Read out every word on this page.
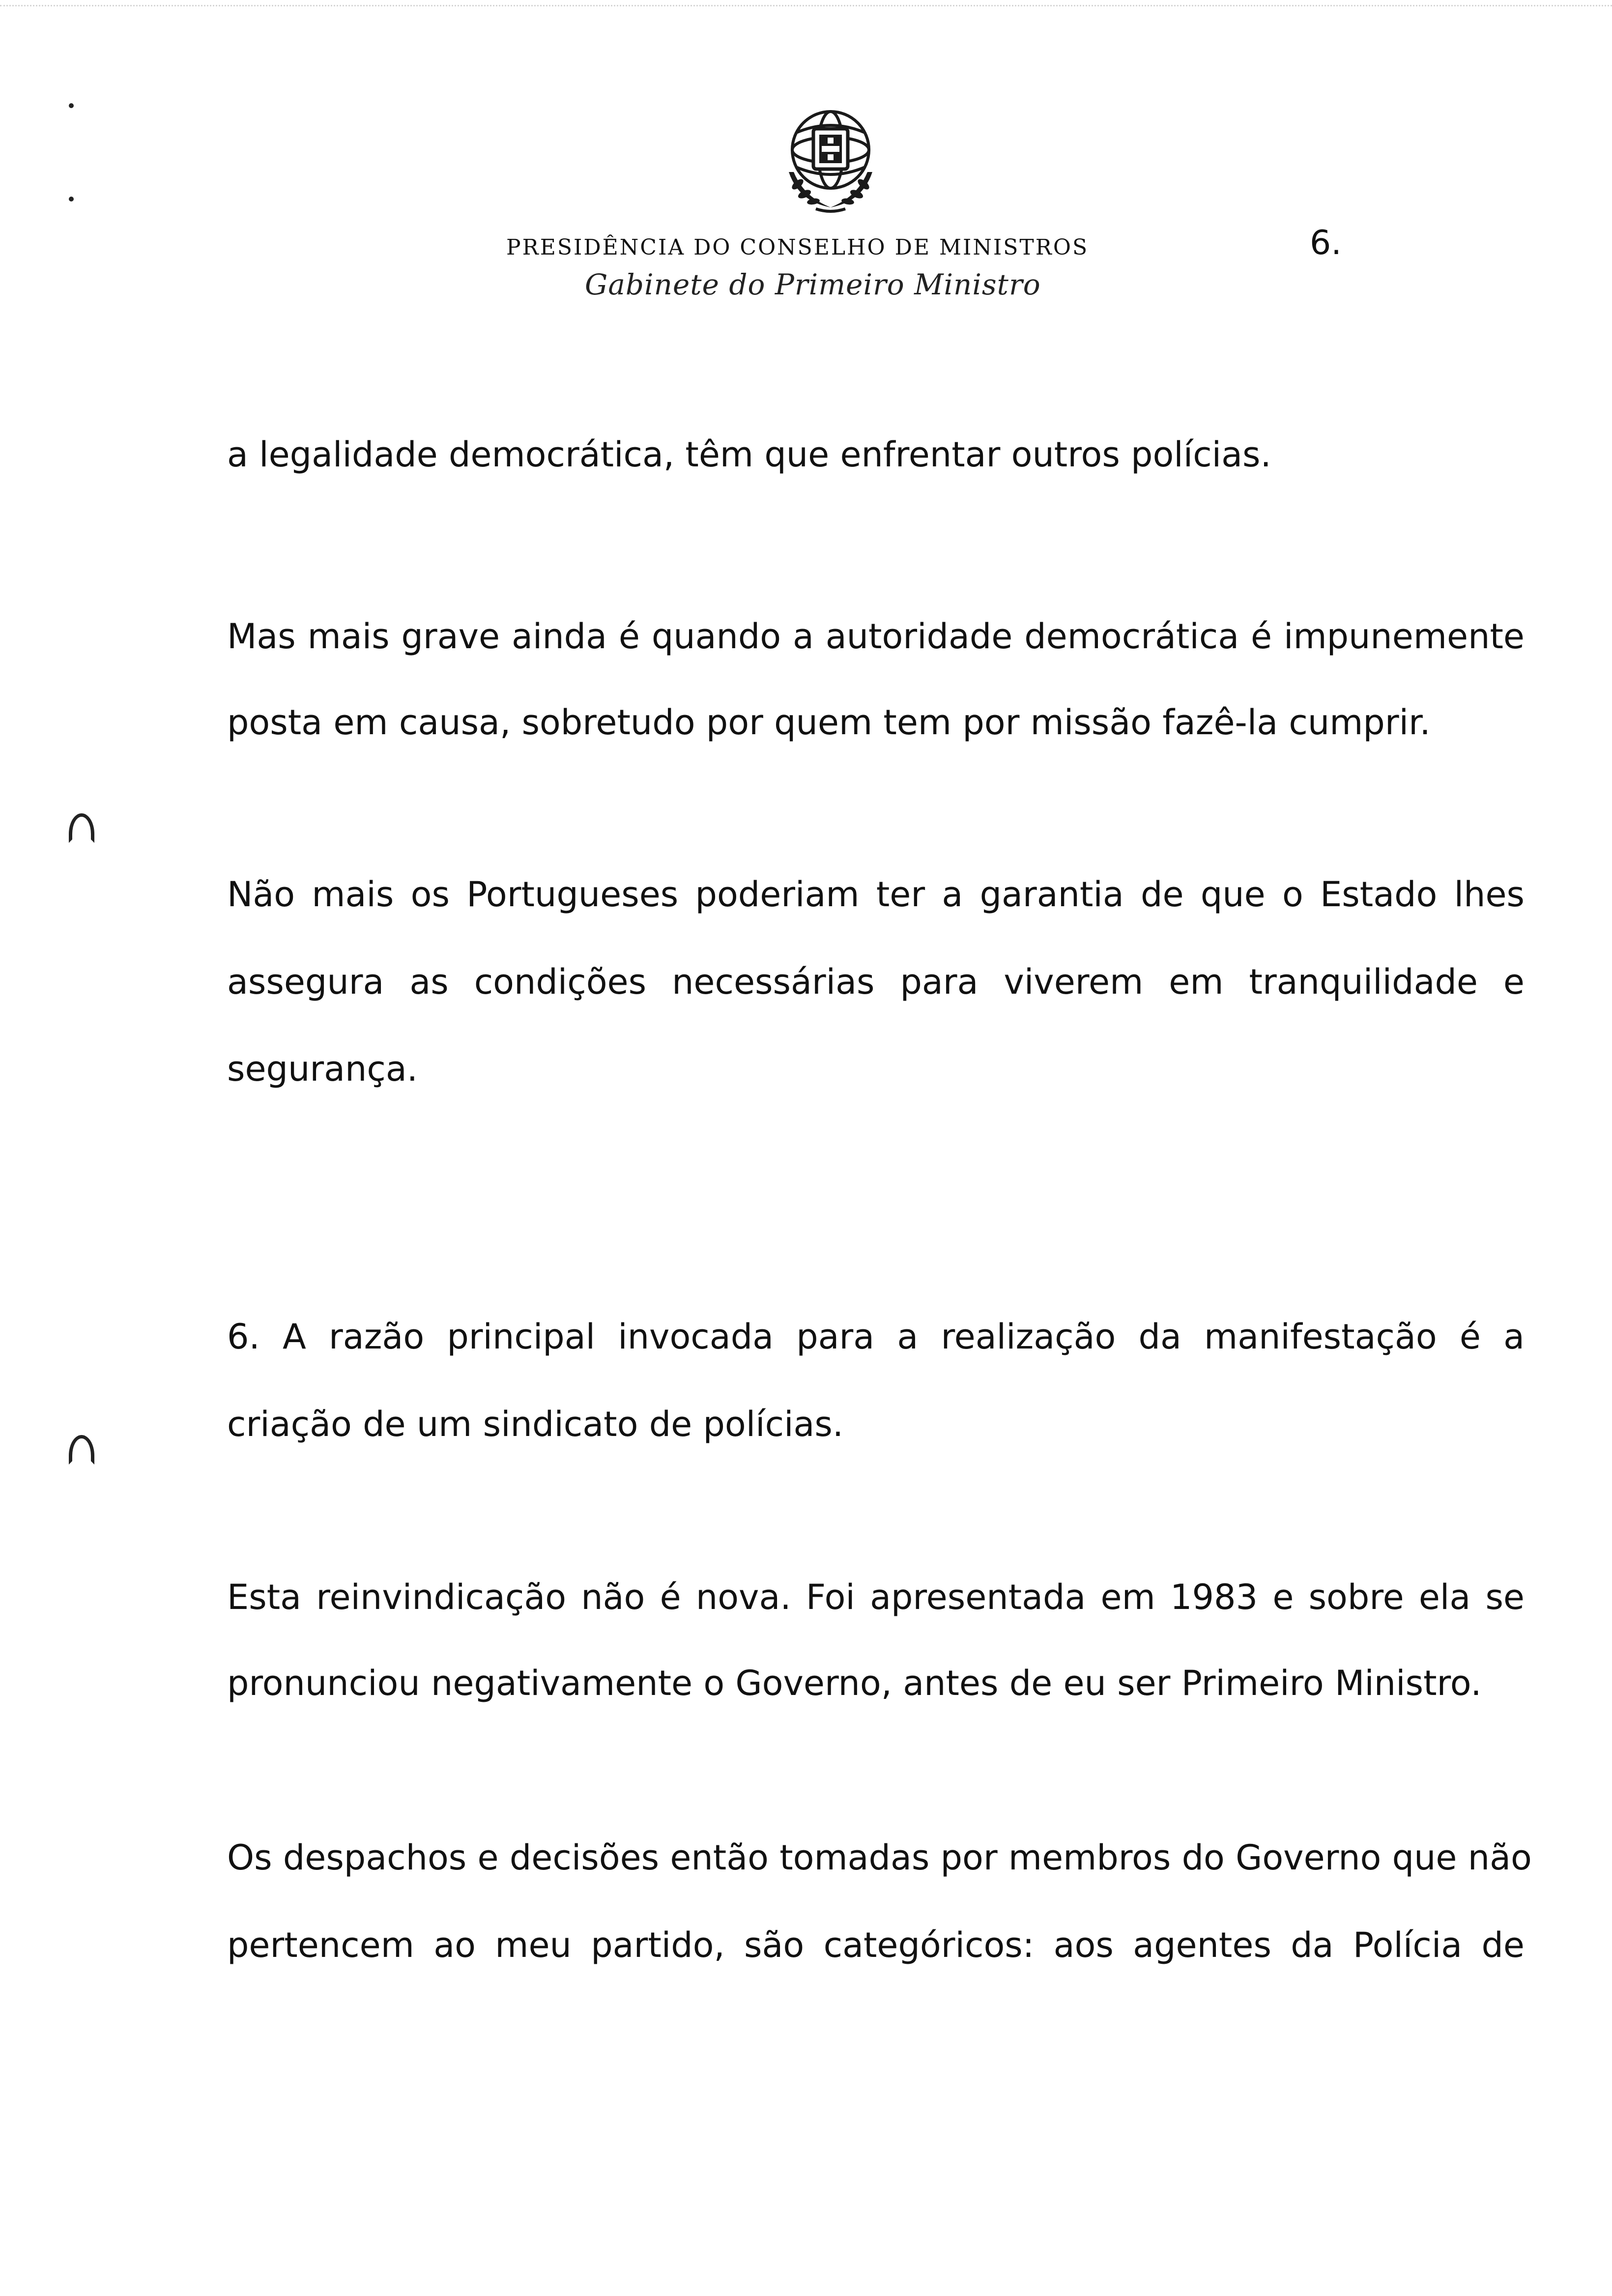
PRESIDÊNCIA DO CONSELHO DE MINISTROS	6.
Gabinete do Primeiro Ministro
a legalidade democrática, têm que enfrentar outros polícias.
Mas mais grave ainda é quando a autoridade democrática é impunemente
posta em causa, sobretudo por quem tem por missão fazê-la cumprir.
Não mais os Portugueses poderiam ter a garantia de que o Estado lhes
assegura as condições necessárias para viverem em tranquilidade e
segurança.
6. A razão principal invocada para a realização da manifestação é a
criação de um sindicato de polícias.
Esta reinvindicação não é nova. Foi apresentada em 1983 e sobre ela se
pronunciou negativamente o Governo, antes de eu ser Primeiro Ministro.
Os despachos e decisões então tomadas por membros do Governo que não
pertencem ao meu partido, são categóricos: aos agentes da Polícia de
